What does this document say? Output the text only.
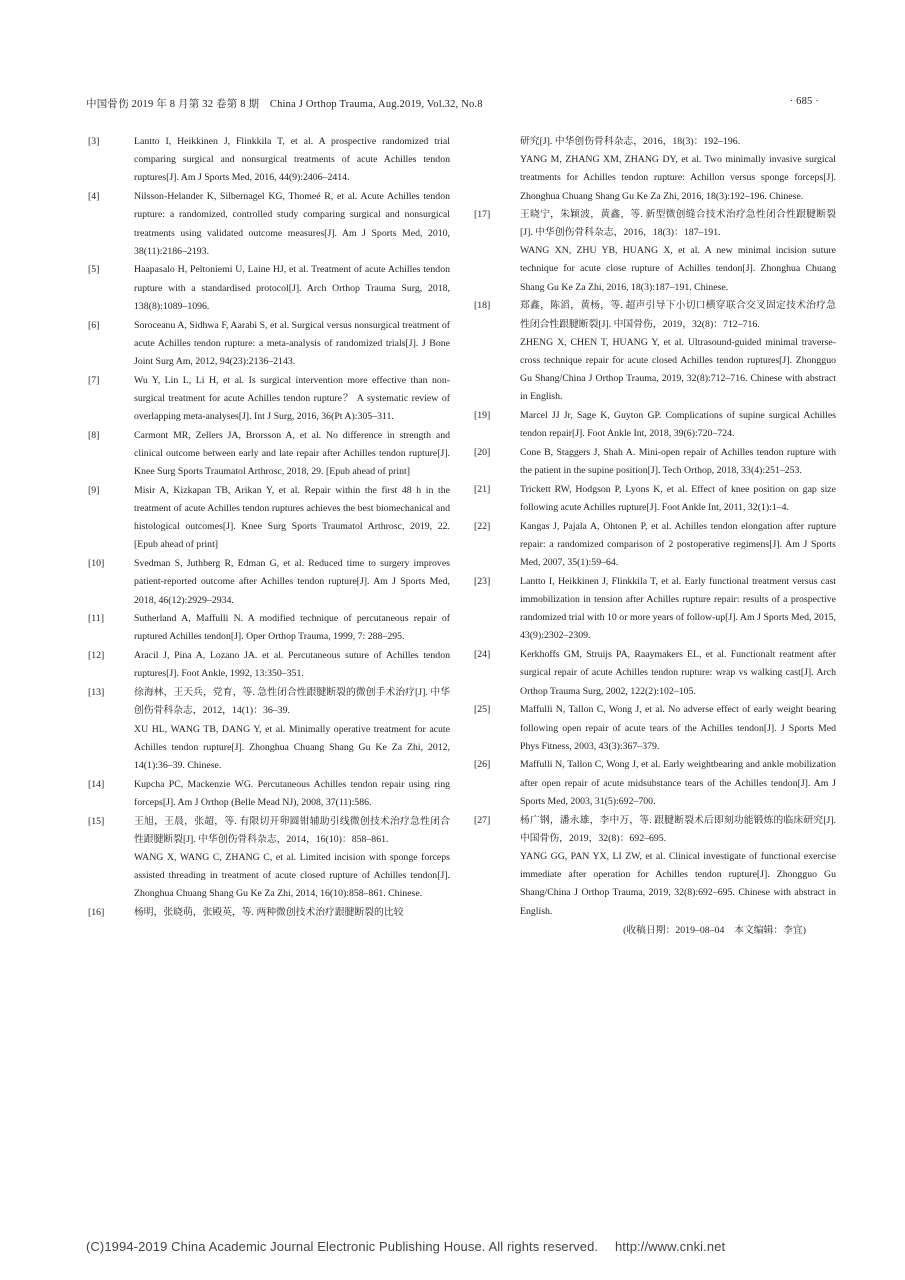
中国骨伤 2019 年 8 月第 32 卷第 8 期　China J Orthop Trauma, Aug.2019, Vol.32, No.8	· 685 ·
[3]	Lantto I, Heikkinen J, Flinkkila T, et al. A prospective randomized trial comparing surgical and nonsurgical treatments of acute Achilles tendon ruptures[J]. Am J Sports Med, 2016, 44(9):2406–2414.
[4]	Nilsson-Helander K, Silbernagel KG, Thomeé R, et al. Acute Achilles tendon rupture: a randomized, controlled study comparing surgical and nonsurgical treatments using validated outcome measures[J]. Am J Sports Med, 2010, 38(11):2186–2193.
[5]	Haapasalo H, Peltoniemi U, Laine HJ, et al. Treatment of acute Achilles tendon rupture with a standardised protocol[J]. Arch Orthop Trauma Surg, 2018, 138(8):1089–1096.
[6]	Soroceanu A, Sidhwa F, Aarabi S, et al. Surgical versus nonsurgical treatment of acute Achilles tendon rupture: a meta-analysis of randomized trials[J]. J Bone Joint Surg Am, 2012, 94(23):2136–2143.
[7]	Wu Y, Lin L, Li H, et al. Is surgical intervention more effective than non-surgical treatment for acute Achilles tendon rupture？ A systematic review of overlapping meta-analyses[J]. Int J Surg, 2016, 36(Pt A):305–311.
[8]	Carmont MR, Zellers JA, Brorsson A, et al. No difference in strength and clinical outcome between early and late repair after Achilles tendon rupture[J]. Knee Surg Sports Traumatol Arthrosc, 2018, 29. [Epub ahead of print]
[9]	Misir A, Kizkapan TB, Arikan Y, et al. Repair within the first 48 h in the treatment of acute Achilles tendon ruptures achieves the best biomechanical and histological outcomes[J]. Knee Surg Sports Traumatol Arthrosc, 2019, 22. [Epub ahead of print]
[10]	Svedman S, Juthberg R, Edman G, et al. Reduced time to surgery improves patient-reported outcome after Achilles tendon rupture[J]. Am J Sports Med, 2018, 46(12):2929–2934.
[11]	Sutherland A, Maffulli N. A modified technique of percutaneous repair of ruptured Achilles tendon[J]. Oper Orthop Trauma, 1999, 7: 288–295.
[12]	Aracil J, Pina A, Lozano JA. et al. Percutaneous suture of Achilles tendon ruptures[J]. Foot Ankle, 1992, 13:350–351.
[13]	徐海林，王天兵，党育，等. 急性闭合性跟腱断裂的微创手术治疗[J]. 中华创伤骨科杂志，2012，14(1)：36–39.
XU HL, WANG TB, DANG Y, et al. Minimally operative treatment for acute Achilles tendon rupture[J]. Zhonghua Chuang Shang Gu Ke Za Zhi, 2012, 14(1):36–39. Chinese.
[14]	Kupcha PC, Mackenzie WG. Percutaneous Achilles tendon repair using ring forceps[J]. Am J Orthop (Belle Mead NJ), 2008, 37(11):586.
[15]	王旭，王晨，张超，等. 有限切开卵圆钳辅助引线微创技术治疗急性闭合性跟腱断裂[J]. 中华创伤骨科杂志，2014，16(10)：858–861.
WANG X, WANG C, ZHANG C, et al. Limited incision with sponge forceps assisted threading in treatment of acute closed rupture of Achilles tendon[J]. Zhonghua Chuang Shang Gu Ke Za Zhi, 2014, 16(10):858–861. Chinese.
[16]	杨明，张晓萌，张殿英，等. 两种微创技术治疗跟腱断裂的比较
研究[J]. 中华创伤骨科杂志，2016，18(3)：192–196.
YANG M, ZHANG XM, ZHANG DY, et al. Two minimally invasive surgical treatments for Achilles tendon rupture: Achillon versus sponge forceps[J]. Zhonghua Chuang Shang Gu Ke Za Zhi, 2016, 18(3):192–196. Chinese.
[17]	王晓宁，朱颖波，黄鑫，等. 新型微创缝合技术治疗急性闭合性跟腱断裂[J]. 中华创伤骨科杂志，2016，18(3)：187–191.
WANG XN, ZHU YB, HUANG X, et al. A new minimal incision suture technique for acute close rupture of Achilles tendon[J]. Zhonghua Chuang Shang Gu Ke Za Zhi, 2016, 18(3):187–191. Chinese.
[18]	郑鑫，陈滔，黄杨，等. 超声引导下小切口横穿联合交叉固定技术治疗急性闭合性跟腱断裂[J]. 中国骨伤，2019，32(8)：712–716.
ZHENG X, CHEN T, HUANG Y, et al. Ultrasound-guided minimal traverse-cross technique repair for acute closed Achilles tendon ruptures[J]. Zhongguo Gu Shang/China J Orthop Trauma, 2019, 32(8):712–716. Chinese with abstract in English.
[19]	Marcel JJ Jr, Sage K, Guyton GP. Complications of supine surgical Achilles tendon repair[J]. Foot Ankle Int, 2018, 39(6):720–724.
[20]	Cone B, Staggers J, Shah A. Mini-open repair of Achilles tendon rupture with the patient in the supine position[J]. Tech Orthop, 2018, 33(4):251–253.
[21]	Trickett RW, Hodgson P, Lyons K, et al. Effect of knee position on gap size following acute Achilles rupture[J]. Foot Ankle Int, 2011, 32(1):1–4.
[22]	Kangas J, Pajala A, Ohtonen P, et al. Achilles tendon elongation after rupture repair: a randomized comparison of 2 postoperative regimens[J]. Am J Sports Med, 2007, 35(1):59–64.
[23]	Lantto I, Heikkinen J, Flinkkila T, et al. Early functional treatment versus cast immobilization in tension after Achilles rupture repair: results of a prospective randomized trial with 10 or more years of follow-up[J]. Am J Sports Med, 2015, 43(9):2302–2309.
[24]	Kerkhoffs GM, Struijs PA, Raaymakers EL, et al. Functionalt reatment after surgical repair of acute Achilles tendon rupture: wrap vs walking cast[J]. Arch Orthop Trauma Surg, 2002, 122(2):102–105.
[25]	Maffulli N, Tallon C, Wong J, et al. No adverse effect of early weight bearing following open repair of acute tears of the Achilles tendon[J]. J Sports Med Phys Fitness, 2003, 43(3):367–379.
[26]	Maffulli N, Tallon C, Wong J, et al. Early weightbearing and ankle mobilization after open repair of acute midsubstance tears of the Achilles tendon[J]. Am J Sports Med, 2003, 31(5):692–700.
[27]	杨广钢，潘永雄，李中万，等. 跟腱断裂术后即刻功能锻炼的临床研究[J]. 中国骨伤，2019，32(8)：692–695.
YANG GG, PAN YX, LI ZW, et al. Clinical investigate of functional exercise immediate after operation for Achilles tendon rupture[J]. Zhongguo Gu Shang/China J Orthop Trauma, 2019, 32(8):692–695. Chinese with abstract in English.
(收稿日期：2019–08–04　本文编辑：李宜)
(C)1994-2019 China Academic Journal Electronic Publishing House. All rights reserved.　 http://www.cnki.net
